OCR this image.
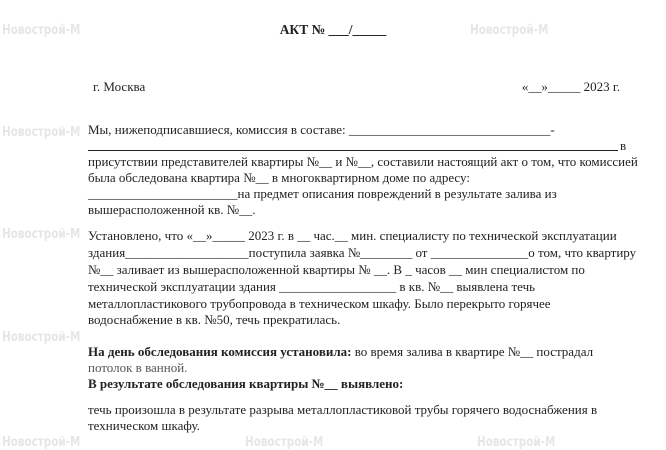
Новострой-М	Новострой-М
Новострой-М
Новострой-М
Новострой-М
Новострой-М	Новострой-М	Новострой-М
АКТ № ___/_____
г. Москва	«__»_____ 2023 г.
Мы, нижеподписавшиеся, комиссия в составе: _______________________________-
в
присутствии представителей квартиры №__ и №__, составили настоящий акт о том, что комиссией
была обследована квартира №__ в многоквартирном доме по адресу:
_______________________на предмет описания повреждений в результате залива из
вышерасположенной кв. №__.
Установлено, что «__»_____ 2023 г. в __ час.__ мин. специалисту по технической эксплуатации
здания___________________поступила заявка №________ от _______________о том, что квартиру
№__ заливает из вышерасположенной квартиры № __. В _ часов __ мин специалистом по
технической эксплуатации здания __________________ в кв. №__ выявлена течь
металлопластикового трубопровода в техническом шкафу. Было перекрыто горячее
водоснабжение в кв. №50, течь прекратилась.
На день обследования комиссия установила: во время залива в квартире №__ пострадал
потолок в ванной.
В результате обследования квартиры №__ выявлено:
течь произошла в результате разрыва металлопластиковой трубы горячего водоснабжения в
техническом шкафу.
